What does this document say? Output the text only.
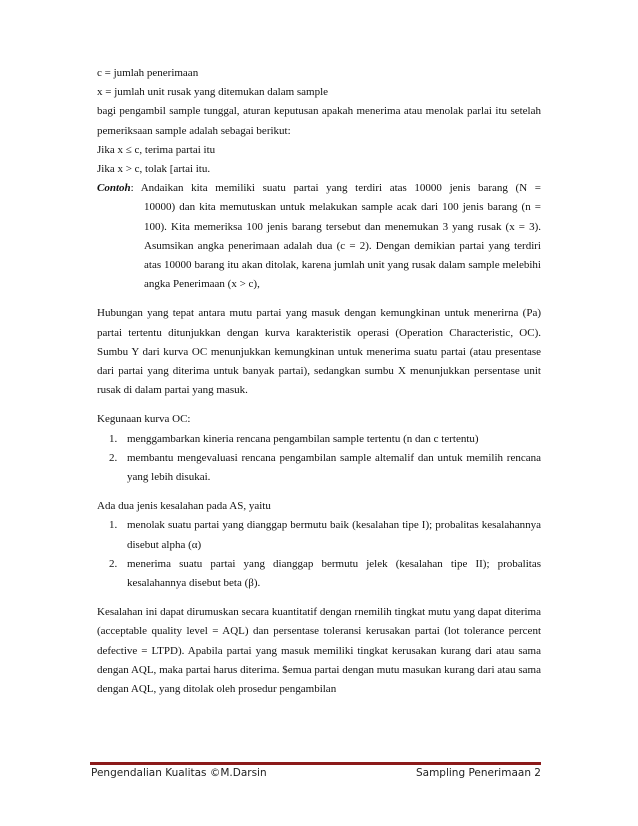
c = jumlah penerimaan

x = jumlah unit rusak yang ditemukan dalam sample

bagi pengambil sample tunggal, aturan keputusan apakah menerima atau menolak parlai itu setelah pemeriksaan sample adalah sebagai berikut:

Jika x ≤ c, terima partai itu

Jika x > c, tolak [artai itu.

Contoh : Andaikan kita memiliki suatu partai yang terdiri atas 10000 jenis barang (N =

10000) dan kita memutuskan untuk melakukan sample acak dari 100 jenis barang (n = 100). Kita memeriksa 100 jenis barang tersebut dan menemukan 3 yang rusak (x = 3). Asumsikan angka penerimaan adalah dua (c = 2). Dengan demikian partai yang terdiri atas 10000 barang itu akan ditolak, karena jumlah unit yang rusak dalam sample melebihi angka Penerimaan (x > c),

Hubungan yang tepat antara mutu partai yang masuk dengan kemungkinan untuk menerirna (Pa) partai tertentu ditunjukkan dengan kurva karakteristik operasi (Operation Characteristic, OC). Sumbu Y dari kurva OC menunjukkan kemungkinan untuk menerima suatu partai (atau presentase dari partai yang diterima untuk banyak partai), sedangkan sumbu X menunjukkan persentase unit rusak di dalam partai yang masuk.

Kegunaan kurva OC:

1. menggambarkan kineria rencana pengambilan sample tertentu (n dan c tertentu)
2. membantu mengevaluasi rencana pengambilan sample altemalif dan untuk memilih rencana yang lebih disukai.

Ada dua jenis kesalahan pada AS, yaitu

1. menolak suatu partai yang dianggap bermutu baik (kesalahan tipe I); probalitas kesalahannya disebut alpha (α)
2. menerima suatu partai yang dianggap bermutu jelek (kesalahan tipe II); probalitas kesalahannya disebut beta (β).

Kesalahan ini dapat dirumuskan secara kuantitatif dengan rnemilih tingkat mutu yang dapat diterima (acceptable quality level = AQL) dan persentase toleransi kerusakan partai (lot tolerance percent defective = LTPD). Apabila partai yang masuk memiliki tingkat kerusakan kurang dari atau sama dengan AQL, maka partai harus diterima. $emua partai dengan mutu masukan kurang dari atau sama dengan AQL, yang ditolak oleh prosedur pengambilan

Pengendalian Kualitas ©M.Darsin	Sampling Penerimaan 2
